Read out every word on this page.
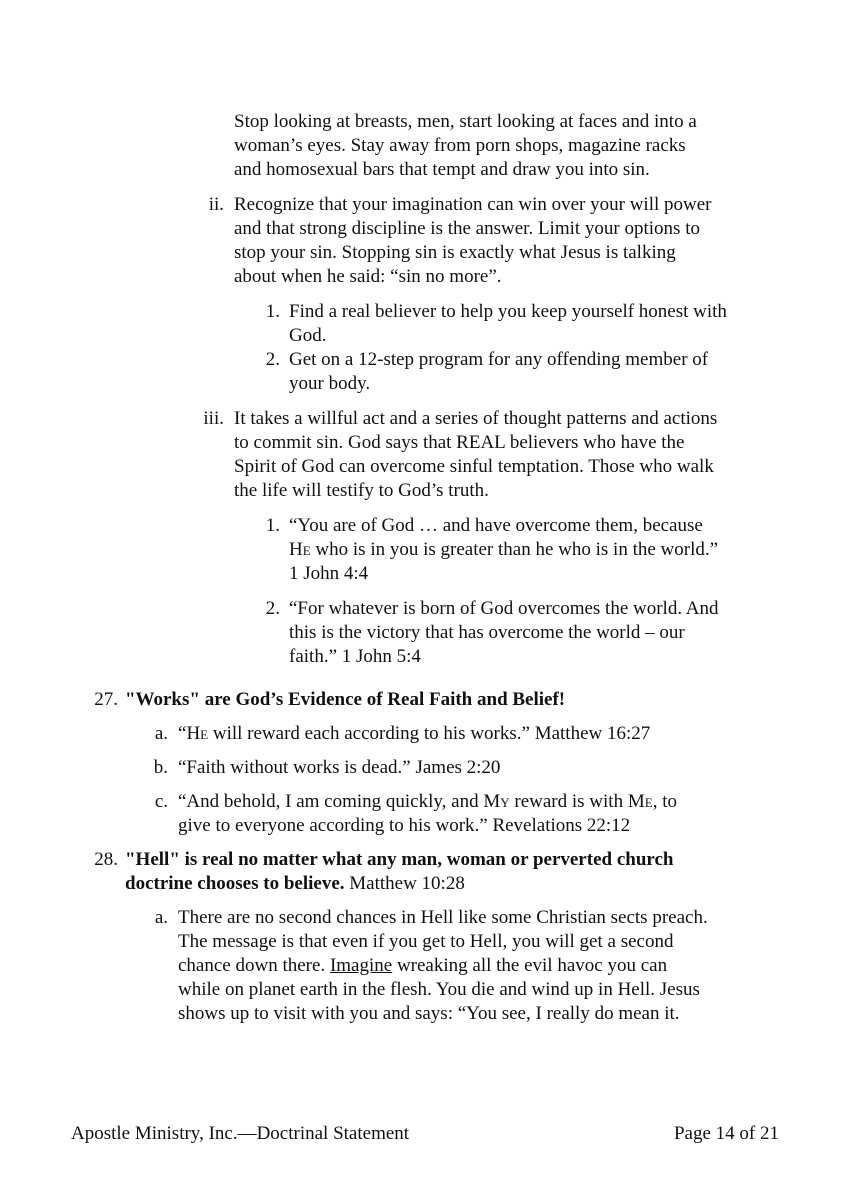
Stop looking at breasts, men, start looking at faces and into a
woman’s eyes. Stay away from porn shops, magazine racks
and homosexual bars that tempt and draw you into sin.
ii. Recognize that your imagination can win over your will power
and that strong discipline is the answer. Limit your options to
stop your sin. Stopping sin is exactly what Jesus is talking
about when he said: “sin no more”.
1. Find a real believer to help you keep yourself honest with
God.
2. Get on a 12-step program for any offending member of
your body.
iii. It takes a willful act and a series of thought patterns and actions
to commit sin. God says that REAL believers who have the
Spirit of God can overcome sinful temptation. Those who walk
the life will testify to God’s truth.
1. “You are of God … and have overcome them, because
He who is in you is greater than he who is in the world.”
1 John 4:4
2. “For whatever is born of God overcomes the world. And
this is the victory that has overcome the world – our
faith.” 1 John 5:4
27. "Works" are God’s Evidence of Real Faith and Belief!
a. “He will reward each according to his works.” Matthew 16:27
b. “Faith without works is dead.” James 2:20
c. “And behold, I am coming quickly, and My reward is with Me, to
give to everyone according to his work.” Revelations 22:12
28. "Hell" is real no matter what any man, woman or perverted church
doctrine chooses to believe. Matthew 10:28
a. There are no second chances in Hell like some Christian sects preach.
The message is that even if you get to Hell, you will get a second
chance down there. Imagine wreaking all the evil havoc you can
while on planet earth in the flesh. You die and wind up in Hell. Jesus
shows up to visit with you and says: “You see, I really do mean it.
Apostle Ministry, Inc.—Doctrinal Statement	Page 14 of 21
